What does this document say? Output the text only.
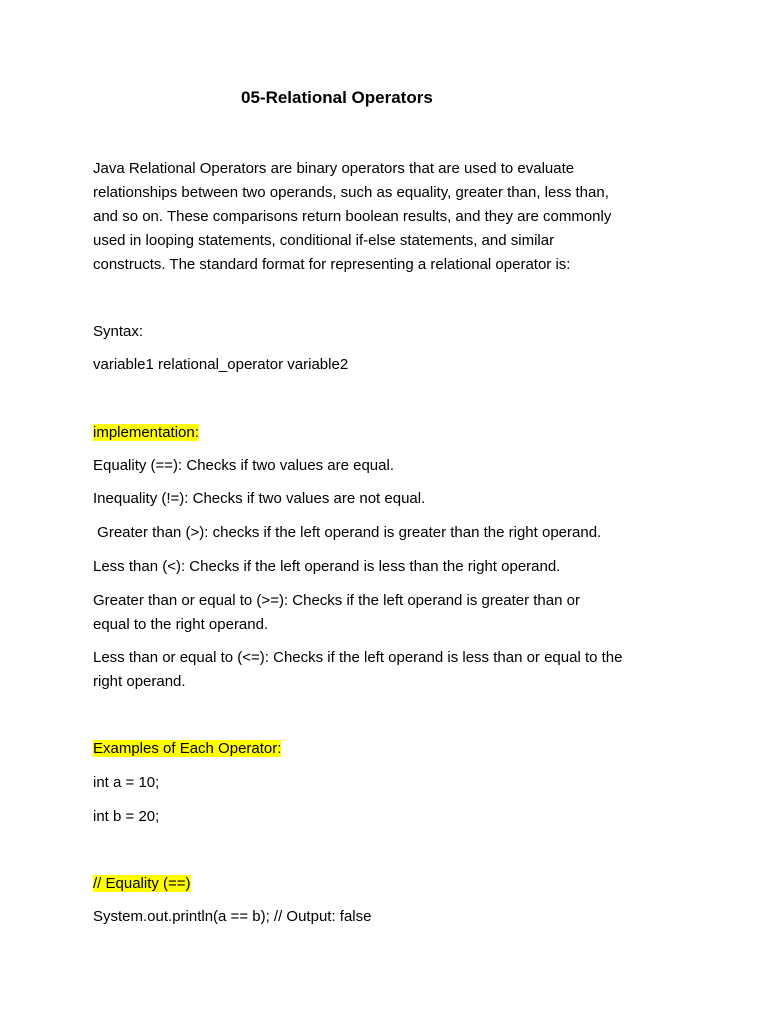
05-Relational Operators
Java Relational Operators are binary operators that are used to evaluate
relationships between two operands, such as equality, greater than, less than,
and so on. These comparisons return boolean results, and they are commonly
used in looping statements, conditional if-else statements, and similar
constructs. The standard format for representing a relational operator is:
Syntax:
variable1 relational_operator variable2
implementation:
Equality (==): Checks if two values are equal.
Inequality (!=): Checks if two values are not equal.
Greater than (>): checks if the left operand is greater than the right operand.
Less than (<): Checks if the left operand is less than the right operand.
Greater than or equal to (>=): Checks if the left operand is greater than or
equal to the right operand.
Less than or equal to (<=): Checks if the left operand is less than or equal to the
right operand.
Examples of Each Operator:
int a = 10;
int b = 20;
// Equality (==)
System.out.println(a == b); // Output: false
